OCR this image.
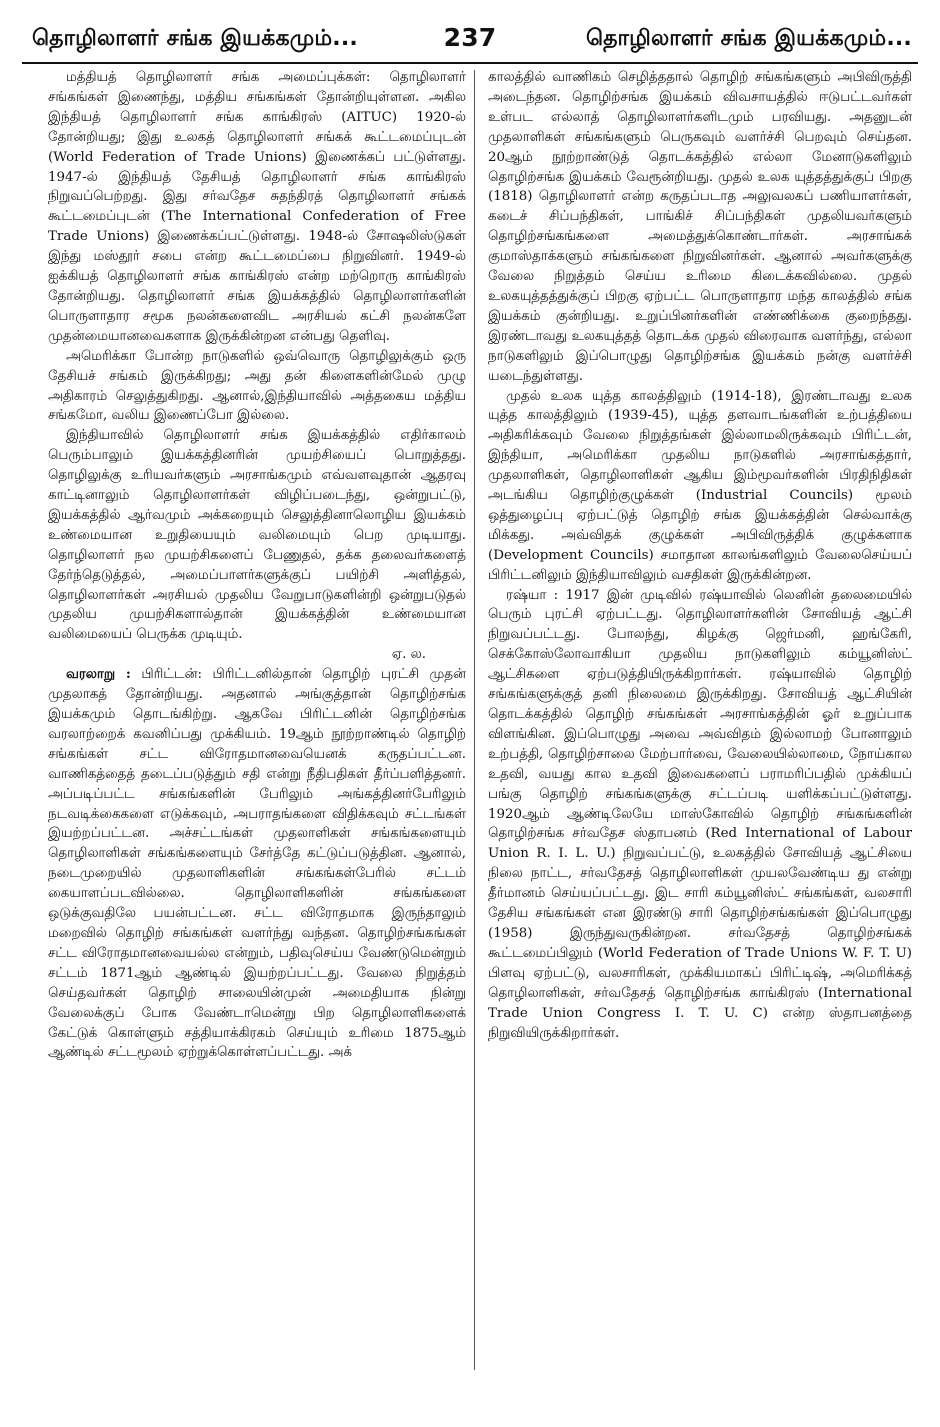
தொழிலாளர் சங்க இயக்கமும்...	237	தொழிலாளர் சங்க இயக்கமும்...

மத்தியத் தொழிலாளர் சங்க அமைப்புக்கள்: தொழிலாளர் சங்கங்கள் இணைந்து, மத்திய சங்கங்கள் தோன்றியுள்ளன. அகில இந்தியத் தொழிலாளர் சங்க காங்கிரஸ் (AITUC) 1920-ல் தோன்றியது; இது உலகத் தொழிலாளர் சங்கக் கூட்டமைப்புடன் (World Federation of Trade Unions) இணைக்கப் பட்டுள்ளது. 1947-ல் இந்தியத் தேசியத் தொழிலாளர் சங்க காங்கிரஸ் நிறுவப்பெற்றது. இது சர்வதேச சுதந்திரத் தொழிலாளர் சங்கக் கூட்டமைப்புடன் (The International Confederation of Free Trade Unions) இணைக்கப்பட்டுள்ளது. 1948-ல் சோஷலிஸ்டுகள் இந்து மஸ்தூர் சபை என்ற கூட்டமைப்பை நிறுவினர். 1949-ல் ஐக்கியத் தொழிலாளர் சங்க காங்கிரஸ் என்ற மற்றொரு காங்கிரஸ் தோன்றியது. தொழிலாளர் சங்க இயக்கத்தில் தொழிலாளர்களின் பொருளாதார சமூக நலன்களைவிட அரசியல் கட்சி நலன்களே முதன்மையானவைகளாக இருக்கின்றன என்பது தெளிவு.

அமெரிக்கா போன்ற நாடுகளில் ஒவ்வொரு தொழிலுக்கும் ஒரு தேசியச் சங்கம் இருக்கிறது; அது தன் கிளைகளின்மேல் முழு அதிகாரம் செலுத்துகிறது. ஆனால்,இந்தியாவில் அத்தகைய மத்திய சங்கமோ, வலிய இணைப்போ இல்லை.

இந்தியாவில் தொழிலாளர் சங்க இயக்கத்தில் எதிர்காலம் பெரும்பாலும் இயக்கத்தினரின் முயற்சியைப் பொறுத்தது. தொழிலுக்கு உரியவர்களும் அரசாங்கமும் எவ்வளவுதான் ஆதரவு காட்டினாலும் தொழிலாளர்கள் விழிப்படைந்து, ஒன்றுபட்டு, இயக்கத்தில் ஆர்வமும் அக்கறையும் செலுத்தினாலொழிய இயக்கம் உண்மையான உறுதியையும் வலிமையும் பெற முடியாது. தொழிலாளர் நல முயற்சிகளைப் பேணுதல், தக்க தலைவர்களைத் தேர்ந்தெடுத்தல், அமைப்பாளர்களுக்குப் பயிற்சி அளித்தல், தொழிலாளர்கள் அரசியல் முதலிய வேறுபாடுகளின்றி ஒன்றுபடுதல் முதலிய முயற்சிகளால்தான் இயக்கத்தின் உண்மையான வலிமையைப் பெருக்க முடியும்.

ஏ. ல.

வரலாறு : பிரிட்டன்: பிரிட்டனில்தான் தொழிற் புரட்சி முதன் முதலாகத் தோன்றியது. அதனால் அங்குத்தான் தொழிற்சங்க இயக்கமும் தொடங்கிற்று. ஆகவே பிரிட்டனின் தொழிற்சங்க வரலாற்றைக் கவனிப்பது முக்கியம். 19ஆம் நூற்றாண்டில் தொழிற் சங்கங்கள் சட்ட விரோதமானவையெனக் கருதப்பட்டன. வாணிகத்தைத் தடைப்படுத்தும் சதி என்று நீதிபதிகள் தீர்ப்பளித்தனர். அப்படிப்பட்ட சங்கங்களின் பேரிலும் அங்கத்தினர்பேரிலும் நடவடிக்கைகளை எடுக்கவும், அபராதங்களை விதிக்கவும் சட்டங்கள் இயற்றப்பட்டன. அச்சட்டங்கள் முதலாளிகள் சங்கங்களையும் தொழிலாளிகள் சங்கங்களையும் சேர்த்தே கட்டுப்படுத்தின. ஆனால், நடைமுறையில் முதலாளிகளின் சங்கங்கள்பேரில் சட்டம் கையாளப்படவில்லை. தொழிலாளிகளின் சங்கங்களை ஒடுக்குவதிலே பயன்பட்டன. சட்ட விரோதமாக இருந்தாலும் மறைவில் தொழிற் சங்கங்கள் வளர்ந்து வந்தன. தொழிற்சங்கங்கள் சட்ட விரோதமானவையல்ல என்றும், பதிவுசெய்ய வேண்டுமென்றும் சட்டம் 1871ஆம் ஆண்டில் இயற்றப்பட்டது. வேலை நிறுத்தம் செய்தவர்கள் தொழிற் சாலையின்முன் அமைதியாக நின்று வேலைக்குப் போக வேண்டாமென்று பிற தொழிலாளிகளைக் கேட்டுக் கொள்ளும் சத்தியாக்கிரகம் செய்யும் உரிமை 1875ஆம் ஆண்டில் சட்டமூலம் ஏற்றுக்கொள்ளப்பட்டது. அக்

காலத்தில் வாணிகம் செழித்ததால் தொழிற் சங்கங்களும் அபிவிருத்தி அடைந்தன. தொழிற்சங்க இயக்கம் விவசாயத்தில் ஈடுபட்டவர்கள் உள்பட எல்லாத் தொழிலாளர்களிடமும் பரவியது. அதனுடன் முதலாளிகள் சங்கங்களும் பெருகவும் வளர்ச்சி பெறவும் செய்தன. 20ஆம் நூற்றாண்டுத் தொடக்கத்தில் எல்லா மேனாடுகளிலும் தொழிற்சங்க இயக்கம் வேரூன்றியது. முதல் உலக யுத்தத்துக்குப் பிறகு (1818) தொழிலாளர் என்ற கருதப்படாத அலுவலகப் பணியாளர்கள், கடைச் சிப்பந்திகள், பாங்கிச் சிப்பந்திகள் முதலியவர்களும் தொழிற்சங்கங்களை அமைத்துக்கொண்டார்கள். அரசாங்கக் குமாஸ்தாக்களும் சங்கங்களை நிறுவினர்கள். ஆனால் அவர்களுக்கு வேலை நிறுத்தம் செய்ய உரிமை கிடைக்கவில்லை. முதல் உலகயுத்தத்துக்குப் பிறகு ஏற்பட்ட பொருளாதார மந்த காலத்தில் சங்க இயக்கம் குன்றியது. உறுப்பினர்களின் எண்ணிக்கை குறைந்தது. இரண்டாவது உலகயுத்தத் தொடக்க முதல் விரைவாக வளர்ந்து, எல்லா நாடுகளிலும் இப்பொழுது தொழிற்சங்க இயக்கம் நன்கு வளர்ச்சி யடைந்துள்ளது.

முதல் உலக யுத்த காலத்திலும் (1914-18), இரண்டாவது உலக யுத்த காலத்திலும் (1939-45), யுத்த தளவாடங்களின் உற்பத்தியை அதிகரிக்கவும் வேலை நிறுத்தங்கள் இல்லாமலிருக்கவும் பிரிட்டன், இந்தியா, அமெரிக்கா முதலிய நாடுகளில் அரசாங்கத்தார், முதலாளிகள், தொழிலாளிகள் ஆகிய இம்மூவர்களின் பிரதிநிதிகள் அடங்கிய தொழிற்குழுக்கள் (Industrial Councils) மூலம் ஒத்துழைப்பு ஏற்பட்டுத் தொழிற் சங்க இயக்கத்தின் செல்வாக்கு மிக்கது. அவ்விதக் குழுக்கள் அபிவிருத்திக் குழுக்களாக (Development Councils) சமாதான காலங்களிலும் வேலைசெய்யப் பிரிட்டனிலும் இந்தியாவிலும் வசதிகள் இருக்கின்றன.

ரஷ்யா : 1917 இன் முடிவில் ரஷ்யாவில் லெனின் தலைமையில் பெரும் புரட்சி ஏற்பட்டது. தொழிலாளர்களின் சோவியத் ஆட்சி நிறுவப்பட்டது. போலந்து, கிழக்கு ஜெர்மனி, ஹங்கேரி, செக்கோஸ்லோவாகியா முதலிய நாடுகளிலும் கம்யூனிஸ்ட் ஆட்சிகளை ஏற்படுத்தியிருக்கிறார்கள். ரஷ்யாவில் தொழிற் சங்கங்களுக்குத் தனி நிலைமை இருக்கிறது. சோவியத் ஆட்சியின் தொடக்கத்தில் தொழிற் சங்கங்கள் அரசாங்கத்தின் ஓர் உறுப்பாக விளங்கின. இப்பொழுது அவை அவ்விதம் இல்லாமற் போனாலும் உற்பத்தி, தொழிற்சாலை மேற்பார்வை, வேலையில்லாமை, நோய்கால உதவி, வயது கால உதவி இவைகளைப் பராமரிப்பதில் முக்கியப் பங்கு தொழிற் சங்கங்களுக்கு சட்டப்படி யளிக்கப்பட்டுள்ளது. 1920ஆம் ஆண்டிலேயே மாஸ்கோவில் தொழிற் சங்கங்களின் தொழிற்சங்க சர்வதேச ஸ்தாபனம் (Red International of Labour Union R. I. L. U.) நிறுவப்பட்டு, உலகத்தில் சோவியத் ஆட்சியை நிலை நாட்ட, சர்வதேசத் தொழிலாளிகள் முயலவேண்டிய து என்று தீர்மானம் செய்யப்பட்டது. இட சாரி கம்யூனிஸ்ட் சங்கங்கள், வலசாரி தேசிய சங்கங்கள் என இரண்டு சாரி தொழிற்சங்கங்கள் இப்பொழுது (1958) இருந்துவருகின்றன. சர்வதேசத் தொழிற்சங்கக் கூட்டமைப்பிலும் (World Federation of Trade Unions W. F. T. U) பிளவு ஏற்பட்டு, வலசாரிகள், முக்கியமாகப் பிரிட்டிஷ், அமெரிக்கத் தொழிலாளிகள், சர்வதேசத் தொழிற்சங்க காங்கிரஸ் (International Trade Union Congress I. T. U. C) என்ற ஸ்தாபனத்தை நிறுவியிருக்கிறார்கள்.
